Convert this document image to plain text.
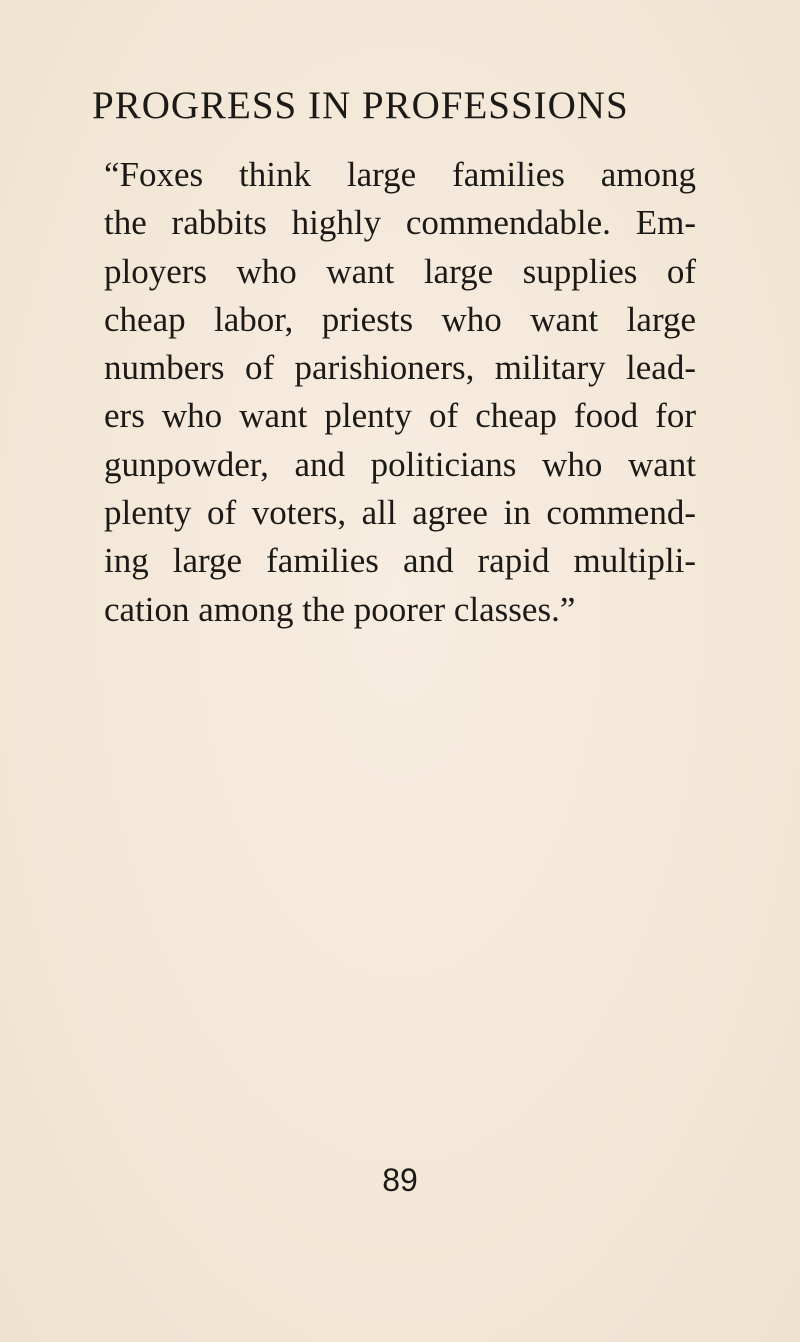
PROGRESS IN PROFESSIONS
“Foxes think large families among
the rabbits highly commendable. Em-
ployers who want large supplies of
cheap labor, priests who want large
numbers of parishioners, military lead-
ers who want plenty of cheap food for
gunpowder, and politicians who want
plenty of voters, all agree in commend-
ing large families and rapid multipli-
cation among the poorer classes.”
89
